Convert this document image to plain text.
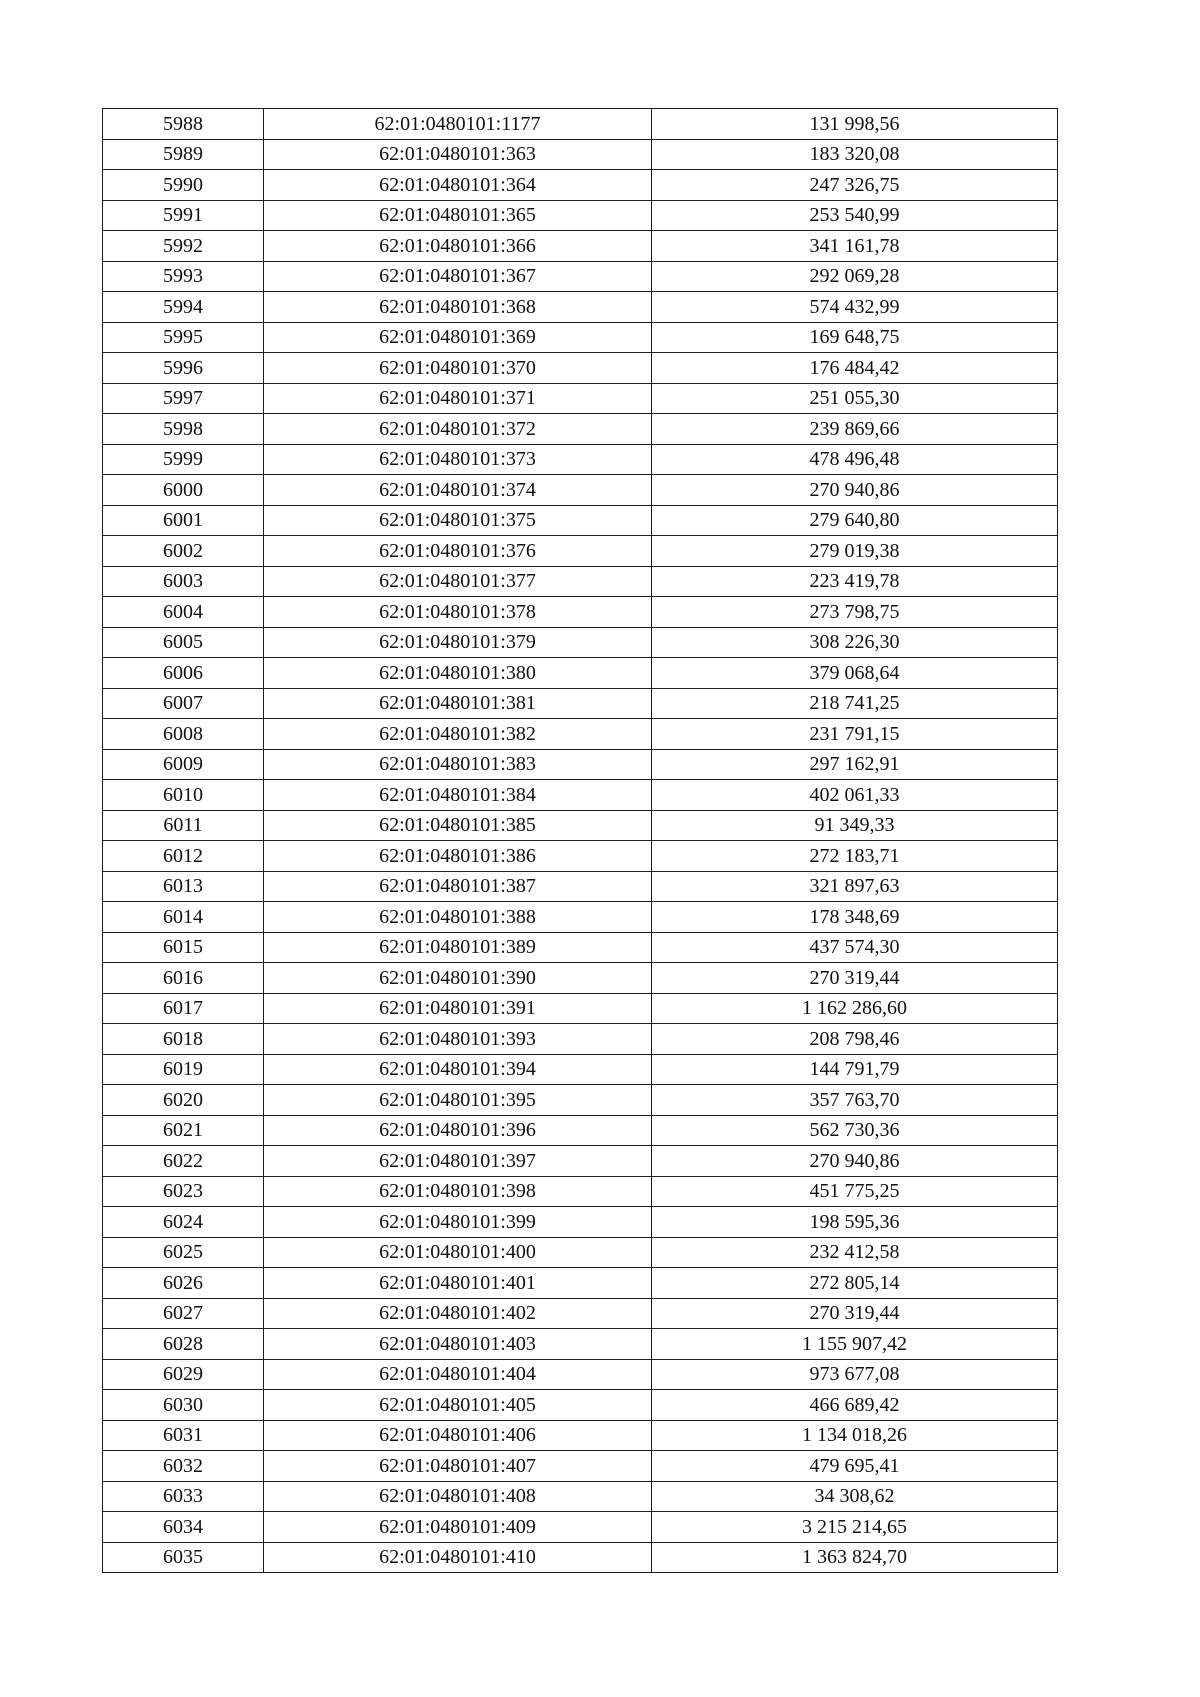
5988	62:01:0480101:1177	131 998,56
5989	62:01:0480101:363	183 320,08
5990	62:01:0480101:364	247 326,75
5991	62:01:0480101:365	253 540,99
5992	62:01:0480101:366	341 161,78
5993	62:01:0480101:367	292 069,28
5994	62:01:0480101:368	574 432,99
5995	62:01:0480101:369	169 648,75
5996	62:01:0480101:370	176 484,42
5997	62:01:0480101:371	251 055,30
5998	62:01:0480101:372	239 869,66
5999	62:01:0480101:373	478 496,48
6000	62:01:0480101:374	270 940,86
6001	62:01:0480101:375	279 640,80
6002	62:01:0480101:376	279 019,38
6003	62:01:0480101:377	223 419,78
6004	62:01:0480101:378	273 798,75
6005	62:01:0480101:379	308 226,30
6006	62:01:0480101:380	379 068,64
6007	62:01:0480101:381	218 741,25
6008	62:01:0480101:382	231 791,15
6009	62:01:0480101:383	297 162,91
6010	62:01:0480101:384	402 061,33
6011	62:01:0480101:385	91 349,33
6012	62:01:0480101:386	272 183,71
6013	62:01:0480101:387	321 897,63
6014	62:01:0480101:388	178 348,69
6015	62:01:0480101:389	437 574,30
6016	62:01:0480101:390	270 319,44
6017	62:01:0480101:391	1 162 286,60
6018	62:01:0480101:393	208 798,46
6019	62:01:0480101:394	144 791,79
6020	62:01:0480101:395	357 763,70
6021	62:01:0480101:396	562 730,36
6022	62:01:0480101:397	270 940,86
6023	62:01:0480101:398	451 775,25
6024	62:01:0480101:399	198 595,36
6025	62:01:0480101:400	232 412,58
6026	62:01:0480101:401	272 805,14
6027	62:01:0480101:402	270 319,44
6028	62:01:0480101:403	1 155 907,42
6029	62:01:0480101:404	973 677,08
6030	62:01:0480101:405	466 689,42
6031	62:01:0480101:406	1 134 018,26
6032	62:01:0480101:407	479 695,41
6033	62:01:0480101:408	34 308,62
6034	62:01:0480101:409	3 215 214,65
6035	62:01:0480101:410	1 363 824,70
